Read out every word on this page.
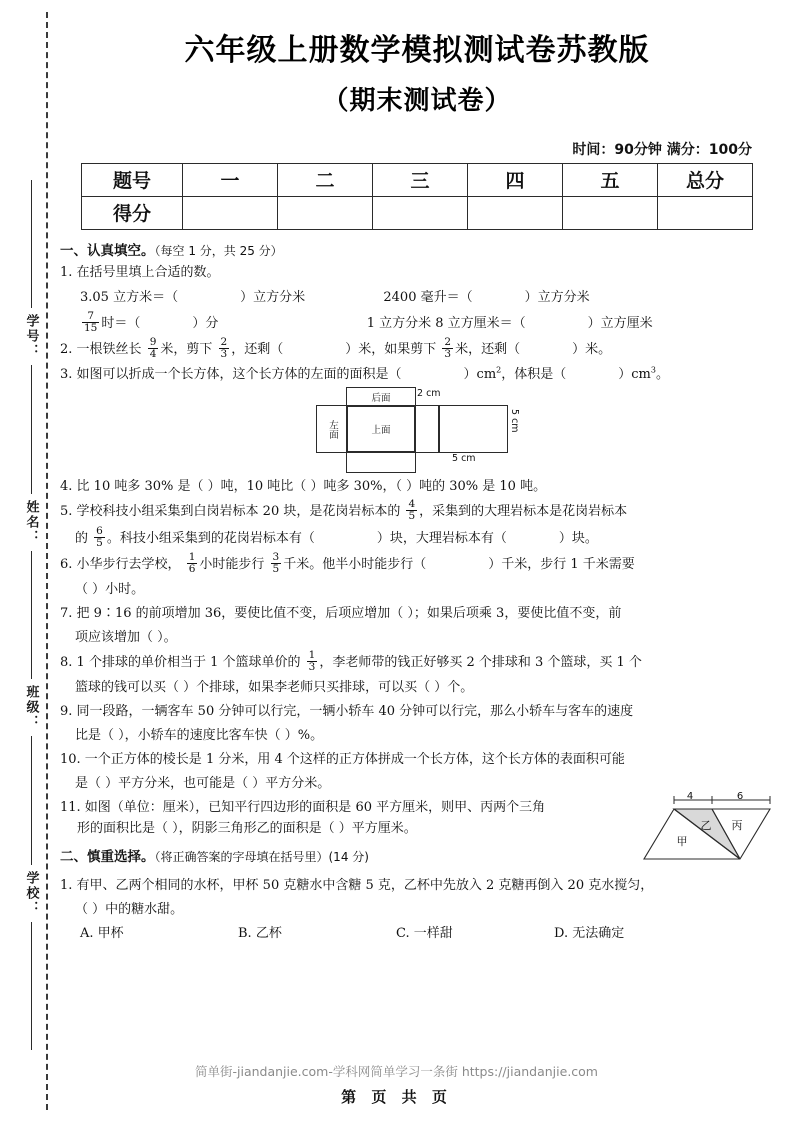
学号：
姓名：
班级：
学校：
六年级上册数学模拟测试卷苏教版
（期末测试卷）
时间：90分钟 满分：100分
题号	一	二	三	四	五	总分
得分						
一、认真填空。（每空 1 分，共 25 分）
1. 在括号里填上合适的数。
3.05 立方米＝（	）立方分米	2400 毫升＝（	）立方分米
$\frac{7}{15}$ 时＝（	）分	1 立方分米 8 立方厘米＝（	）立方厘米
2. 一根铁丝长 $\frac{9}{4}$ 米，剪下 $\frac{2}{3}$ ，还剩（	）米，如果剪下 $\frac{2}{3}$ 米，还剩（	）米。
3. 如图可以折成一个长方体，这个长方体的左面的面积是（	）$cm^2$，体积是（	）$cm^3$。
后面
左面	上面
2 cm
5 cm
5 cm
4. 比 10 吨多 30% 是（ ）吨，10 吨比（ ）吨多 30%，（ ）吨的 30% 是 10 吨。
5. 学校科技小组采集到白岗岩标本 20 块，是花岗岩标本的 $\frac{4}{5}$ ，采集到的大理岩标本是花岗岩标本
的 $\frac{6}{5}$ 。科技小组采集到的花岗岩标本有（	）块，大理岩标本有（	）块。
6. 小华步行去学校， $\frac{1}{6}$ 小时能步行 $\frac{3}{5}$ 千米。他半小时能步行（	）千米，步行 1 千米需要
（ ）小时。
7. 把 9∶16 的前项增加 36，要使比值不变，后项应增加（ ）；如果后项乘 3，要使比值不变，前
项应该增加（ ）。
8. 1 个排球的单价相当于 1 个篮球单价的 $\frac{1}{3}$ ，李老师带的钱正好够买 2 个排球和 3 个篮球，买 1 个
篮球的钱可以买（ ）个排球，如果李老师只买排球，可以买（ ）个。
9. 同一段路，一辆客车 50 分钟可以行完，一辆小轿车 40 分钟可以行完，那么小轿车与客车的速度
比是（ ），小轿车的速度比客车快（ ）%。
10. 一个正方体的棱长是 1 分米，用 4 个这样的正方体拼成一个长方体，这个长方体的表面积可能
是（ ）平方分米，也可能是（ ）平方分米。
11. 如图（单位：厘米），已知平行四边形的面积是 60 平方厘米，则甲、丙两个三角
形的面积比是（ ），阴影三角形乙的面积是（ ）平方厘米。
4	6
甲
乙 丙
二、慎重选择。（将正确答案的字母填在括号里）(14 分)
1. 有甲、乙两个相同的水杯，甲杯 50 克糖水中含糖 5 克，乙杯中先放入 2 克糖再倒入 20 克水搅匀，
（ ）中的糖水甜。
A. 甲杯	B. 乙杯	C. 一样甜	D. 无法确定
简单街-jiandanjie.com-学科网简单学习一条街 https://jiandanjie.com
第 页 共 页
